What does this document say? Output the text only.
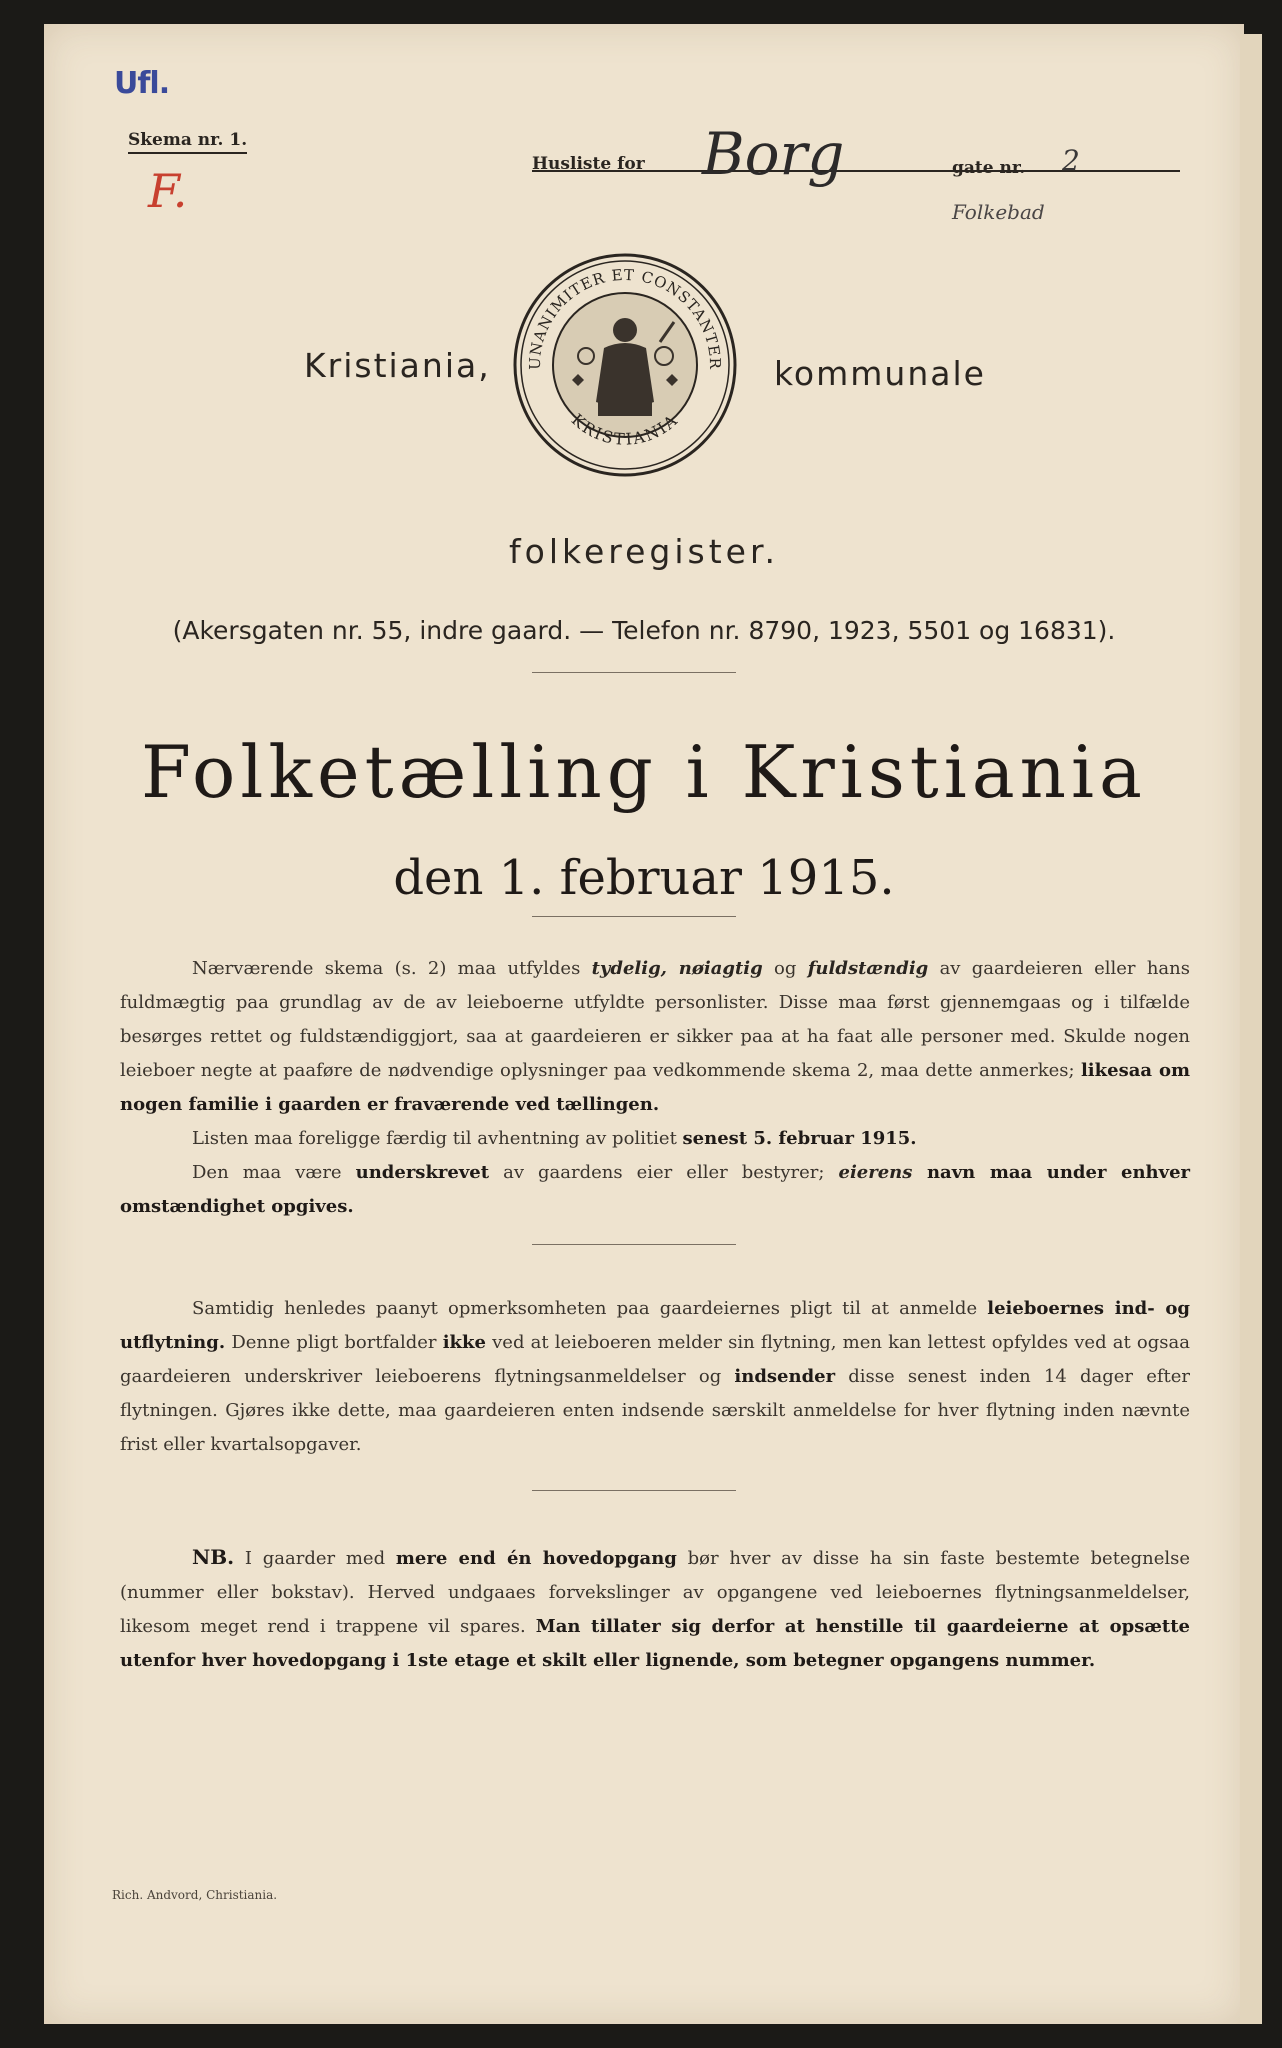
Ufl.
Skema nr. 1.
F.	Husliste for Borg	gate nr. 2
Folkebad
Kristiania,	kommunale
UNANIMITER ET CONSTANTER
KRISTIANIA
folkeregister.
(Akersgaten nr. 55, indre gaard. — Telefon nr. 8790, 1923, 5501 og 16831).
Folketælling i Kristiania
den 1. februar 1915.

Nærværende skema (s. 2) maa utfyldes tydelig, nøiagtig og fuldstændig av gaardeieren eller hans fuldmægtig paa grundlag av de av leieboerne utfyldte personlister. Disse maa først gjennemgaas og i tilfælde besørges rettet og fuldstændiggjort, saa at gaardeieren er sikker paa at ha faat alle personer med. Skulde nogen leieboer negte at paaføre de nødvendige oplysninger paa vedkommende skema 2, maa dette anmerkes; likesaa om nogen familie i gaarden er fraværende ved tællingen.

Listen maa foreligge færdig til avhentning av politiet senest 5. februar 1915.

Den maa være underskrevet av gaardens eier eller bestyrer; eierens navn maa under enhver omstændighet opgives.

Samtidig henledes paanyt opmerksomheten paa gaardeiernes pligt til at anmelde leieboernes ind- og utflytning. Denne pligt bortfalder ikke ved at leieboeren melder sin flytning, men kan lettest opfyldes ved at ogsaa gaardeieren underskriver leieboerens flytningsanmeldelser og indsender disse senest inden 14 dager efter flytningen. Gjøres ikke dette, maa gaardeieren enten indsende særskilt anmeldelse for hver flytning inden nævnte frist eller kvartalsopgaver.

NB. I gaarder med mere end én hovedopgang bør hver av disse ha sin faste bestemte betegnelse (nummer eller bokstav). Herved undgaaes forvekslinger av opgangene ved leieboernes flytningsanmeldelser, likesom meget rend i trappene vil spares. Man tillater sig derfor at henstille til gaardeierne at opsætte utenfor hver hovedopgang i 1ste etage et skilt eller lignende, som betegner opgangens nummer.

Rich. Andvord, Christiania.
